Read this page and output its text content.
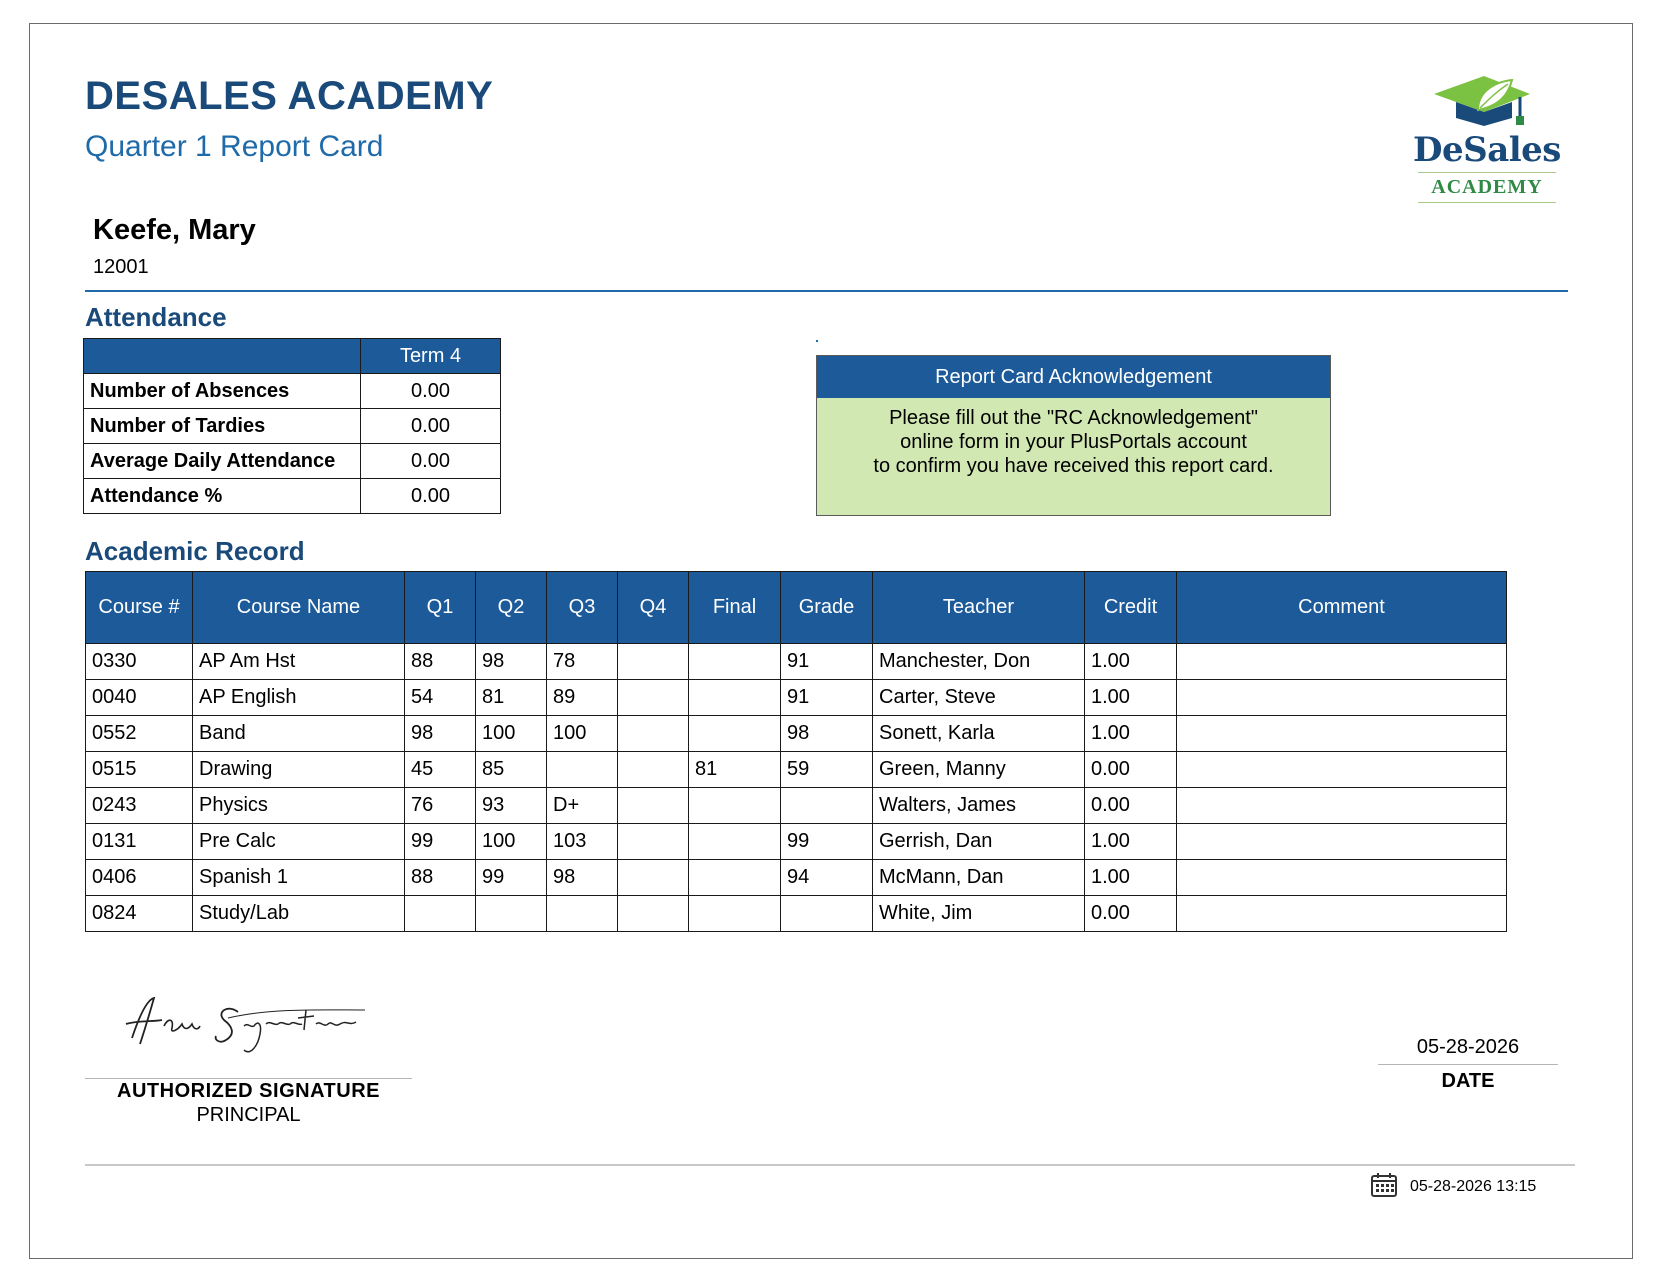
DESALES ACADEMY
Quarter 1 Report Card	DeSales
ACADEMY
Keefe, Mary
12001
Attendance
	Term 4
Number of Absences	0.00
Number of Tardies	0.00
Average Daily Attendance	0.00
Attendance %	0.00
Report Card Acknowledgement
Please fill out the "RC Acknowledgement"
online form in your PlusPortals account
to confirm you have received this report card.
Academic Record
Course #	Course Name	Q1	Q2	Q3	Q4	Final	Grade	Teacher	Credit	Comment
0330	AP Am Hst	88	98	78			91	Manchester, Don	1.00	
0040	AP English	54	81	89			91	Carter, Steve	1.00	
0552	Band	98	100	100			98	Sonett, Karla	1.00	
0515	Drawing	45	85			81	59	Green, Manny	0.00	
0243	Physics	76	93	D+				Walters, James	0.00	
0131	Pre Calc	99	100	103			99	Gerrish, Dan	1.00	
0406	Spanish 1	88	99	98			94	McMann, Dan	1.00	
0824	Study/Lab							White, Jim	0.00	
AUTHORIZED SIGNATURE
PRINCIPAL
05-28-2026
DATE
05-28-2026 13:15
